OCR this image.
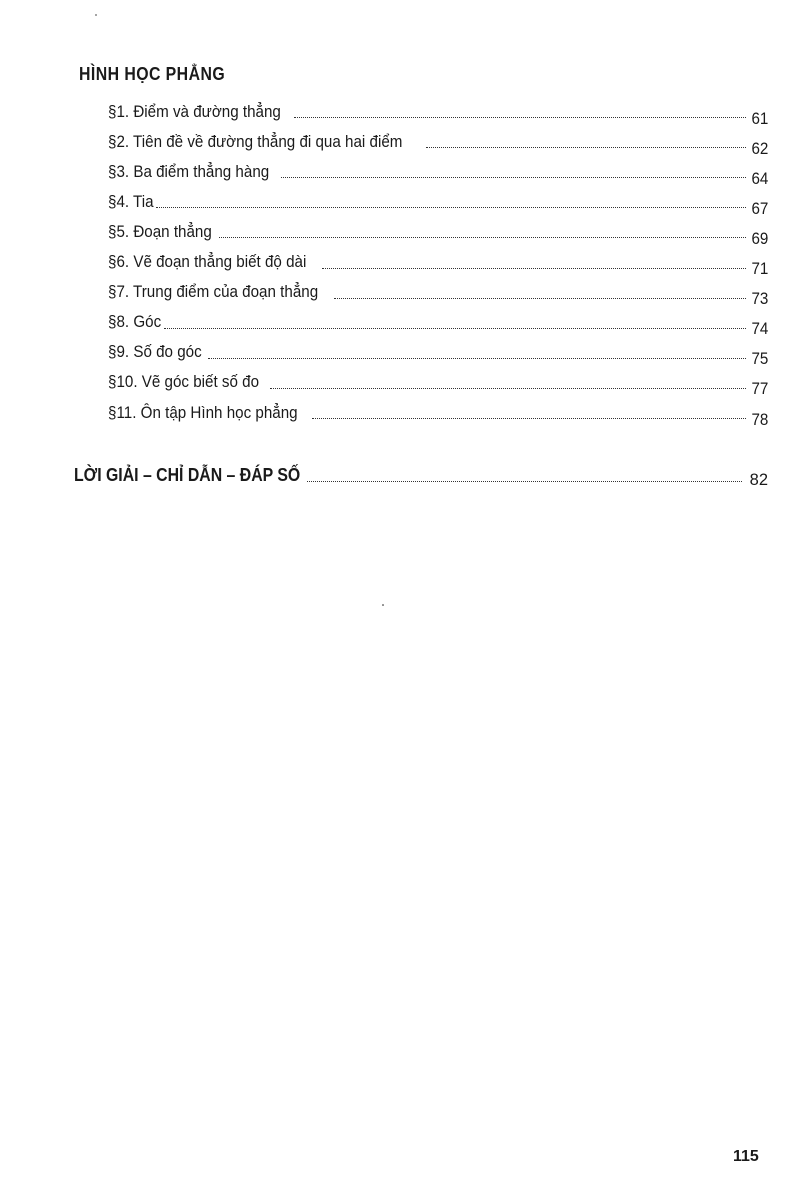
HÌNH HỌC PHẲNG
§1. Điểm và đường thẳng	61
§2. Tiên đề về đường thẳng đi qua hai điểm	62
§3. Ba điểm thẳng hàng	64
§4. Tia	67
§5. Đoạn thẳng	69
§6. Vẽ đoạn thẳng biết độ dài	71
§7. Trung điểm của đoạn thẳng	73
§8. Góc	74
§9. Số đo góc	75
§10. Vẽ góc biết số đo	77
§11. Ôn tập Hình học phẳng	78
LỜI GIẢI – CHỈ DẪN – ĐÁP SỐ	82
115
